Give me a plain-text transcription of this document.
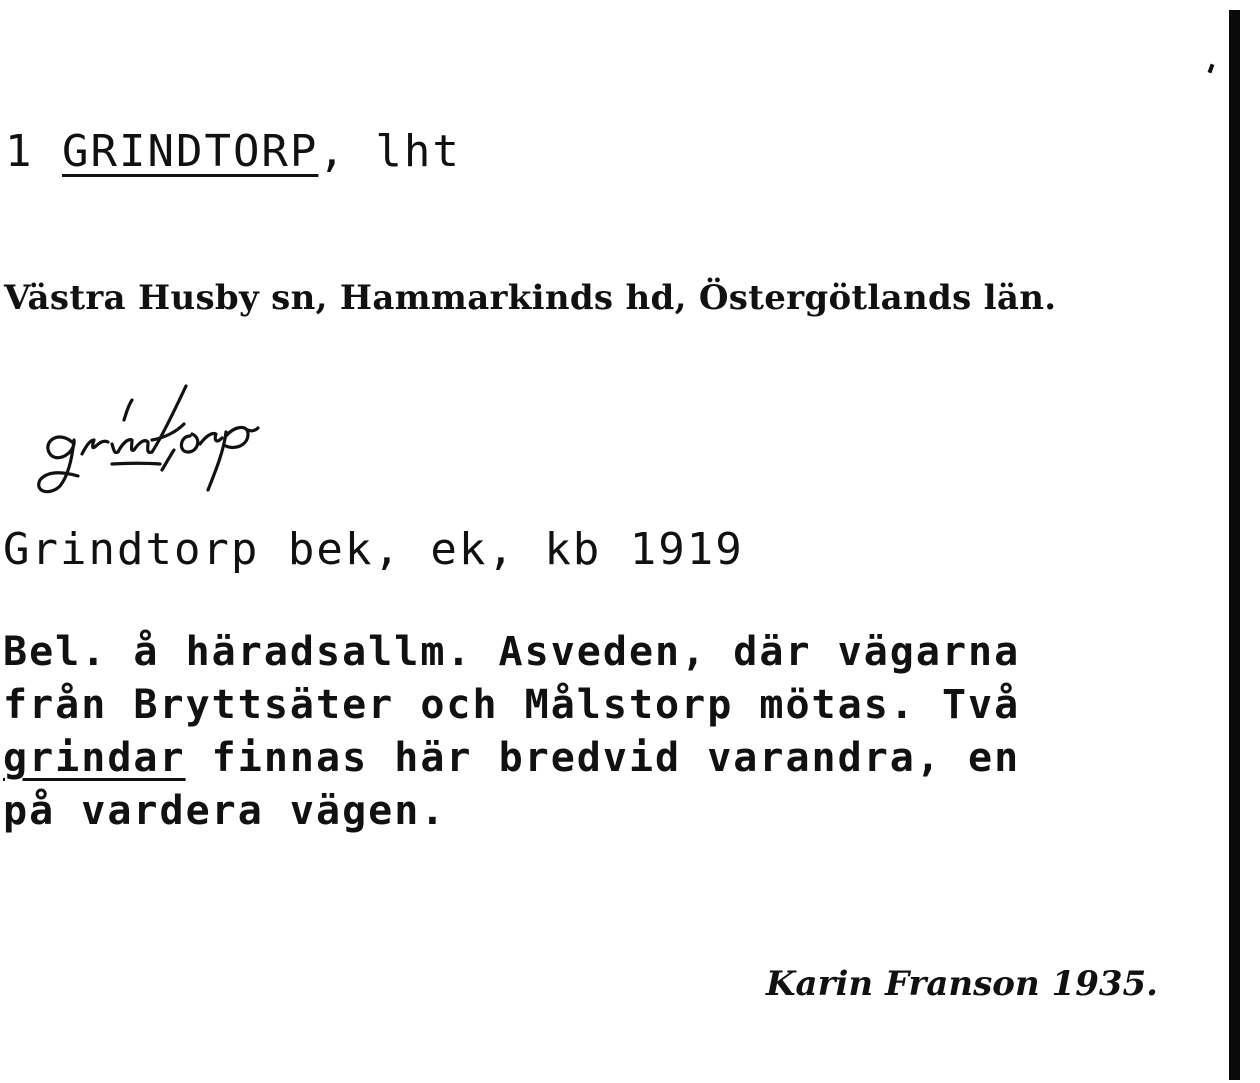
1 GRINDTORP, lht

Västra Husby sn, Hammarkinds hd, Östergötlands län.

Grindtorp bek, ek, kb 1919

Bel. å häradsallm. Asveden, där vägarna
från Bryttsäter och Målstorp mötas. Två
grindar finnas här bredvid varandra, en
på vardera vägen.

Karin Franson 1935.
